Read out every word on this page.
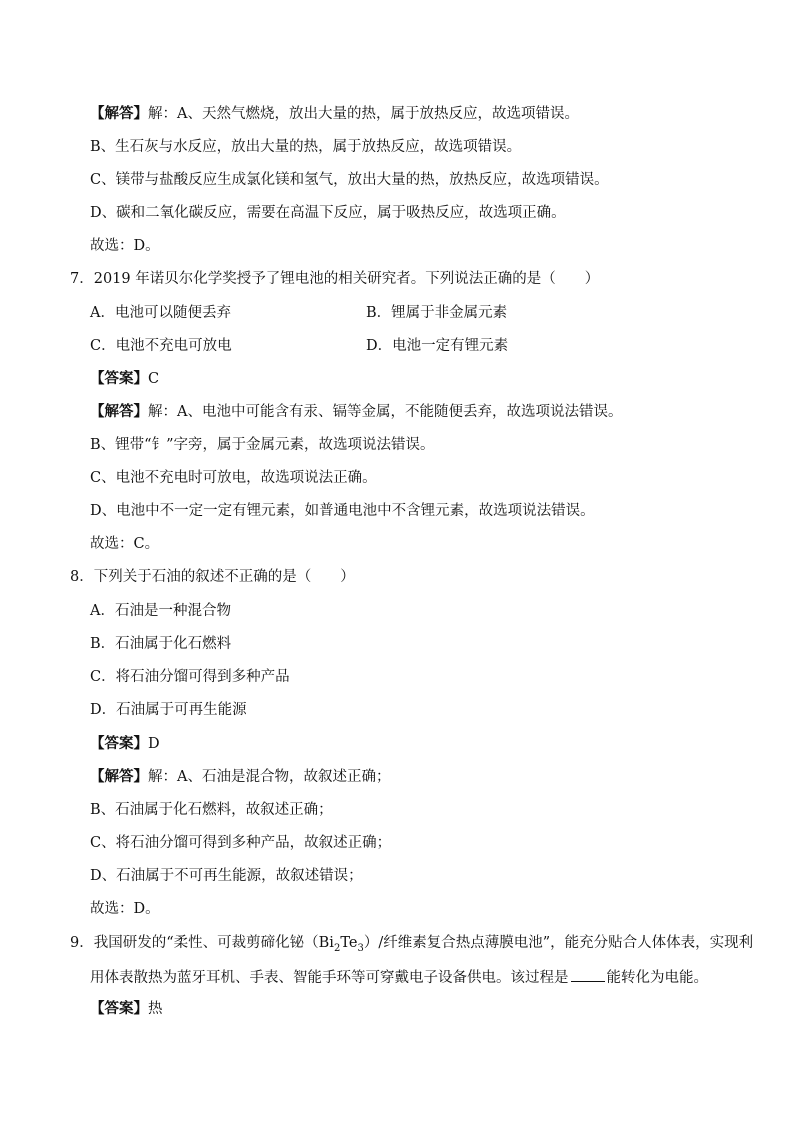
【解答】解：A、天然气燃烧，放出大量的热，属于放热反应，故选项错误。
B、生石灰与水反应，放出大量的热，属于放热反应，故选项错误。
C、镁带与盐酸反应生成氯化镁和氢气，放出大量的热，放热反应，故选项错误。
D、碳和二氧化碳反应，需要在高温下反应，属于吸热反应，故选项正确。
故选：D。
7．2019 年诺贝尔化学奖授予了锂电池的相关研究者。下列说法正确的是（　　）
A．电池可以随便丢弃	B．锂属于非金属元素
C．电池不充电可放电	D．电池一定有锂元素
【答案】C
【解答】解：A、电池中可能含有汞、镉等金属，不能随便丢弃，故选项说法错误。
B、锂带“钅”字旁，属于金属元素，故选项说法错误。
C、电池不充电时可放电，故选项说法正确。
D、电池中不一定一定有锂元素，如普通电池中不含锂元素，故选项说法错误。
故选：C。
8．下列关于石油的叙述不正确的是（　　）
A．石油是一种混合物
B．石油属于化石燃料
C．将石油分馏可得到多种产品
D．石油属于可再生能源
【答案】D
【解答】解：A、石油是混合物，故叙述正确；
B、石油属于化石燃料，故叙述正确；
C、将石油分馏可得到多种产品，故叙述正确；
D、石油属于不可再生能源，故叙述错误；
故选：D。
9．我国研发的“柔性、可裁剪碲化铋$(Bi_2Te_3)/$纤维素复合热点薄膜电池”，能充分贴合人体体表，实现利
用体表散热为蓝牙耳机、手表、智能手环等可穿戴电子设备供电。该过程是	能转化为电能。
【答案】热
